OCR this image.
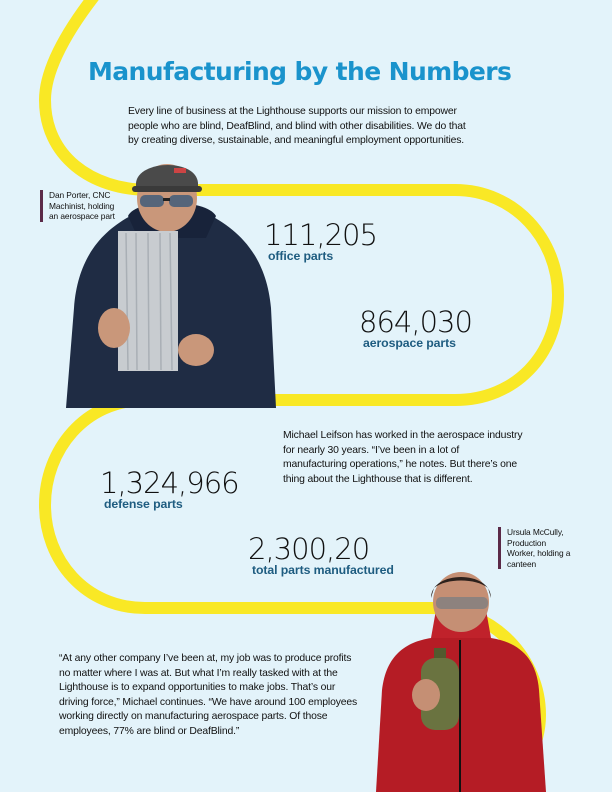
Manufacturing by the Numbers

Every line of business at the Lighthouse supports our mission to empower people who are blind, DeafBlind, and blind with other disabilities. We do that by creating diverse, sustainable, and meaningful employment opportunities.

Dan Porter, CNC Machinist, holding an aerospace part
111,205
office parts
864,030
aerospace parts

Michael Leifson has worked in the aerospace industry for nearly 30 years. “I’ve been in a lot of manufacturing operations,” he notes. But there’s one thing about the Lighthouse that is different.

1,324,966
defense parts
2,300,20
total parts manufactured
Ursula McCully, Production Worker, holding a canteen

“At any other company I’ve been at, my job was to produce profits no matter where I was at. But what I’m really tasked with at the Lighthouse is to expand opportunities to make jobs. That’s our driving force,” Michael continues. “We have around 100 employees working directly on manufacturing aerospace parts. Of those employees, 77% are blind or DeafBlind.”
